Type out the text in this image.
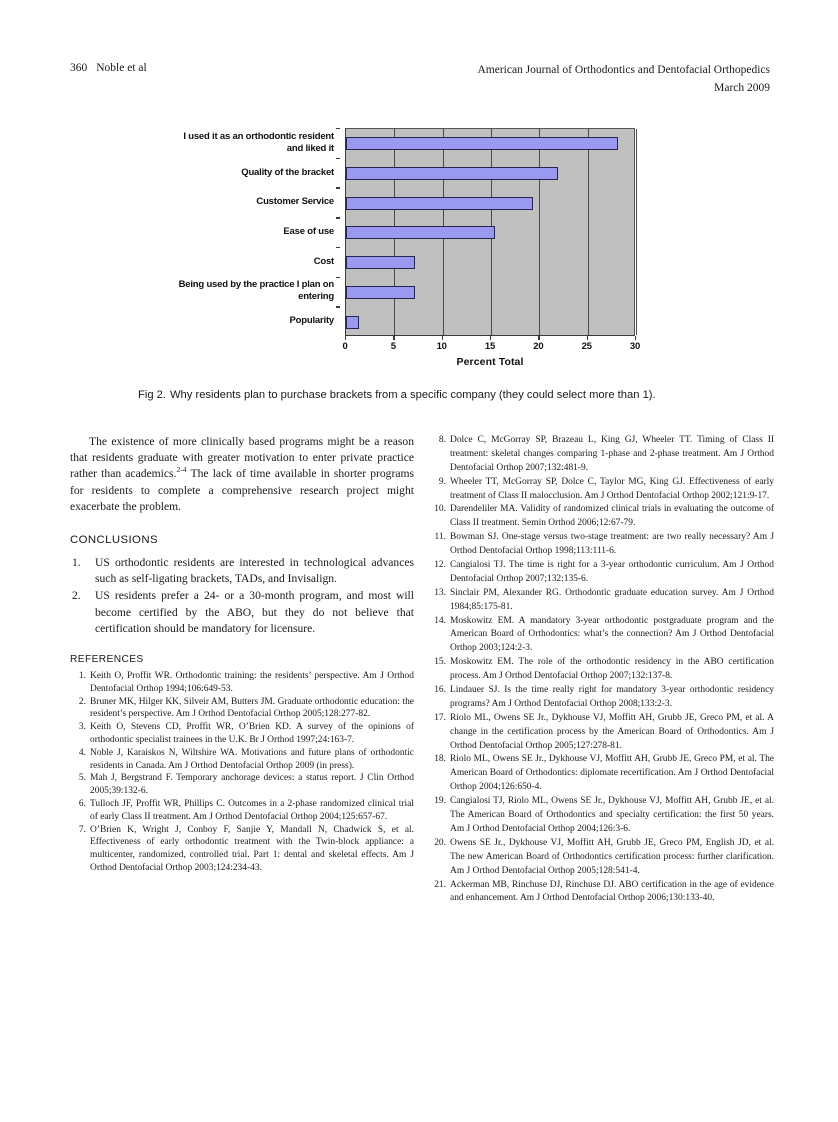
360 Noble et al	American Journal of Orthodontics and Dentofacial Orthopedics
March 2009
I used it as an orthodontic resident
and liked it
Quality of the bracket
Customer Service
Ease of use
Cost
Being used by the practice I plan on
entering
Popularity
0	5	10	15	20	25	30
Percent Total
Fig 2. Why residents plan to purchase brackets from a specific company (they could select more than 1).

The existence of more clinically based programs might be a reason that residents graduate with greater motivation to enter private practice rather than academics.$^{2-4}$ The lack of time available in shorter programs for residents to complete a comprehensive research project might exacerbate the problem.

CONCLUSIONS
1.	US orthodontic residents are interested in technological advances such as self-ligating brackets, TADs, and Invisalign.
2.	US residents prefer a 24- or a 30-month program, and most will become certified by the ABO, but they do not believe that certification should be mandatory for licensure.
REFERENCES
1. Keith O, Proffit WR. Orthodontic training: the residents’ perspective. Am J Orthod Dentofacial Orthop 1994;106:649-53.
2. Bruner MK, Hilger KK, Silveir AM, Butters JM. Graduate orthodontic education: the resident’s perspective. Am J Orthod Dentofacial Orthop 2005;128:277-82.
3. Keith O, Stevens CD, Proffit WR, O’Brien KD. A survey of the opinions of orthodontic specialist trainees in the U.K. Br J Orthod 1997;24:163-7.
4. Noble J, Karaiskos N, Wiltshire WA. Motivations and future plans of orthodontic residents in Canada. Am J Orthod Dentofacial Orthop 2009 (in press).
5. Mah J, Bergstrand F. Temporary anchorage devices: a status report. J Clin Orthod 2005;39:132-6.
6. Tulloch JF, Proffit WR, Phillips C. Outcomes in a 2-phase randomized clinical trial of early Class II treatment. Am J Orthod Dentofacial Orthop 2004;125:657-67.
7. O’Brien K, Wright J, Conboy F, Sanjie Y, Mandall N, Chadwick S, et al. Effectiveness of early orthodontic treatment with the Twin-block appliance: a multicenter, randomized, controlled trial. Part 1: dental and skeletal effects. Am J Orthod Dentofacial Orthop 2003;124:234-43.
8. Dolce C, McGorray SP, Brazeau L, King GJ, Wheeler TT. Timing of Class II treatment: skeletal changes comparing 1-phase and 2-phase treatment. Am J Orthod Dentofacial Orthop 2007;132:481-9.
9. Wheeler TT, McGorray SP, Dolce C, Taylor MG, King GJ. Effectiveness of early treatment of Class II malocclusion. Am J Orthod Dentofacial Orthop 2002;121:9-17.
10. Darendeliler MA. Validity of randomized clinical trials in evaluating the outcome of Class II treatment. Semin Orthod 2006;12:67-79.
11. Bowman SJ. One-stage versus two-stage treatment: are two really necessary? Am J Orthod Dentofacial Orthop 1998;113:111-6.
12. Cangialosi TJ. The time is right for a 3-year orthodontic curriculum. Am J Orthod Dentofacial Orthop 2007;132:135-6.
13. Sinclair PM, Alexander RG. Orthodontic graduate education survey. Am J Orthod 1984;85:175-81.
14. Moskowitz EM. A mandatory 3-year orthodontic postgraduate program and the American Board of Orthodontics: what’s the connection? Am J Orthod Dentofacial Orthop 2003;124:2-3.
15. Moskowitz EM. The role of the orthodontic residency in the ABO certification process. Am J Orthod Dentofacial Orthop 2007;132:137-8.
16. Lindauer SJ. Is the time really right for mandatory 3-year orthodontic residency programs? Am J Orthod Dentofacial Orthop 2008;133:2-3.
17. Riolo ML, Owens SE Jr., Dykhouse VJ, Moffitt AH, Grubb JE, Greco PM, et al. A change in the certification process by the American Board of Orthodontics. Am J Orthod Dentofacial Orthop 2005;127:278-81.
18. Riolo ML, Owens SE Jr., Dykhouse VJ, Moffitt AH, Grubb JE, Greco PM, et al. The American Board of Orthodontics: diplomate recertification. Am J Orthod Dentofacial Orthop 2004;126:650-4.
19. Cangialosi TJ, Riolo ML, Owens SE Jr., Dykhouse VJ, Moffitt AH, Grubb JE, et al. The American Board of Orthodontics and specialty certification: the first 50 years. Am J Orthod Dentofacial Orthop 2004;126:3-6.
20. Owens SE Jr., Dykhouse VJ, Moffitt AH, Grubb JE, Greco PM, English JD, et al. The new American Board of Orthodontics certification process: further clarification. Am J Orthod Dentofacial Orthop 2005;128:541-4.
21. Ackerman MB, Rinchuse DJ, Rinchuse DJ. ABO certification in the age of evidence and enhancement. Am J Orthod Dentofacial Orthop 2006;130:133-40.
